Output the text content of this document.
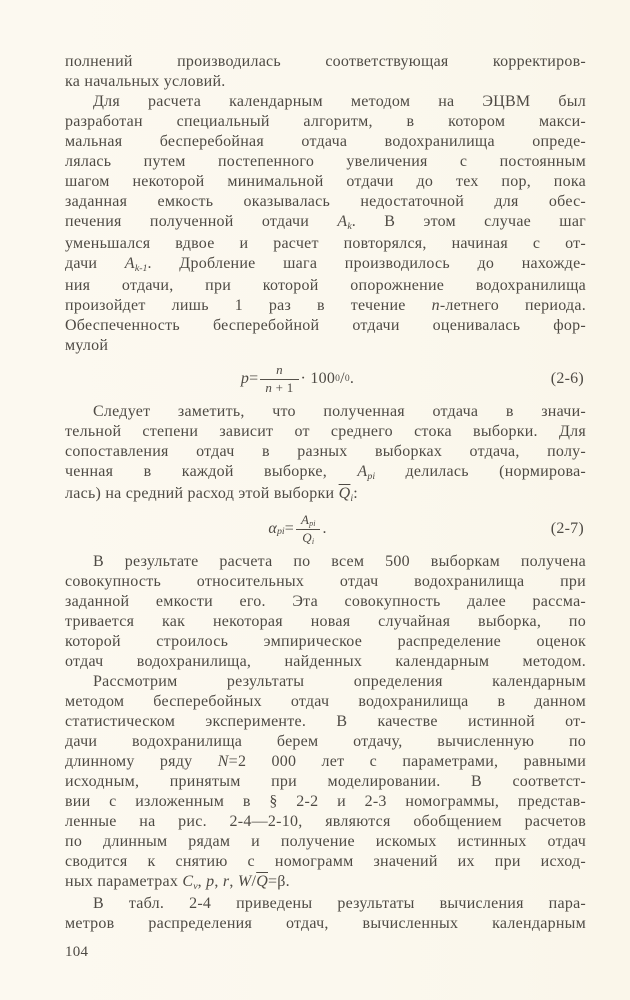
полнений производилась соответствующая корректиров-
ка начальных условий.
Для расчета календарным методом на ЭЦВМ был
разработан специальный алгоритм, в котором макси-
мальная бесперебойная отдача водохранилища опреде-
лялась путем постепенного увеличения с постоянным
шагом некоторой минимальной отдачи до тех пор, пока
заданная емкость оказывалась недостаточной для обес-
печения полученной отдачи Ak. В этом случае шаг
уменьшался вдвое и расчет повторялся, начиная с от-
дачи Ak-1. Дробление шага производилось до нахожде-
ния отдачи, при которой опорожнение водохранилища
произойдет лишь 1 раз в течение n-летнего периода.
Обеспеченность бесперебойной отдачи оценивалась фор-
мулой
$p = \frac{n}{n + 1} \cdot 100$ 0 / 0 .	(2-6)
Следует заметить, что полученная отдача в значи-
тельной степени зависит от среднего стока выборки. Для
сопоставления отдач в разных выборках отдача, полу-
ченная в каждой выборке, Api делилась (нормирова-
лась) на средний расход этой выборки $\overline{Q}i$:
α pi = $\frac{\text{Api}}{\overline{Q}i}$ .	(2-7)
В результате расчета по всем 500 выборкам получена
совокупность относительных отдач водохранилища при
заданной емкости его. Эта совокупность далее рассма-
тривается как некоторая новая случайная выборка, по
которой строилось эмпирическое распределение оценок
отдач водохранилища, найденных календарным методом.
Рассмотрим результаты определения календарным
методом бесперебойных отдач водохранилища в данном
статистическом эксперименте. В качестве истинной от-
дачи водохранилища берем отдачу, вычисленную по
длинному ряду N=2 000 лет с параметрами, равными
исходным, принятым при моделировании. В соответст-
вии с изложенным в § 2-2 и 2-3 номограммы, представ-
ленные на рис. 2-4—2-10, являются обобщением расчетов
по длинным рядам и получение искомых истинных отдач
сводится к снятию с номограмм значений их при исход-
ных параметрах Cv, p, r, $W/\overline{Q}=\beta$.
В табл. 2-4 приведены результаты вычисления пара-
метров распределения отдач, вычисленных календарным
104
